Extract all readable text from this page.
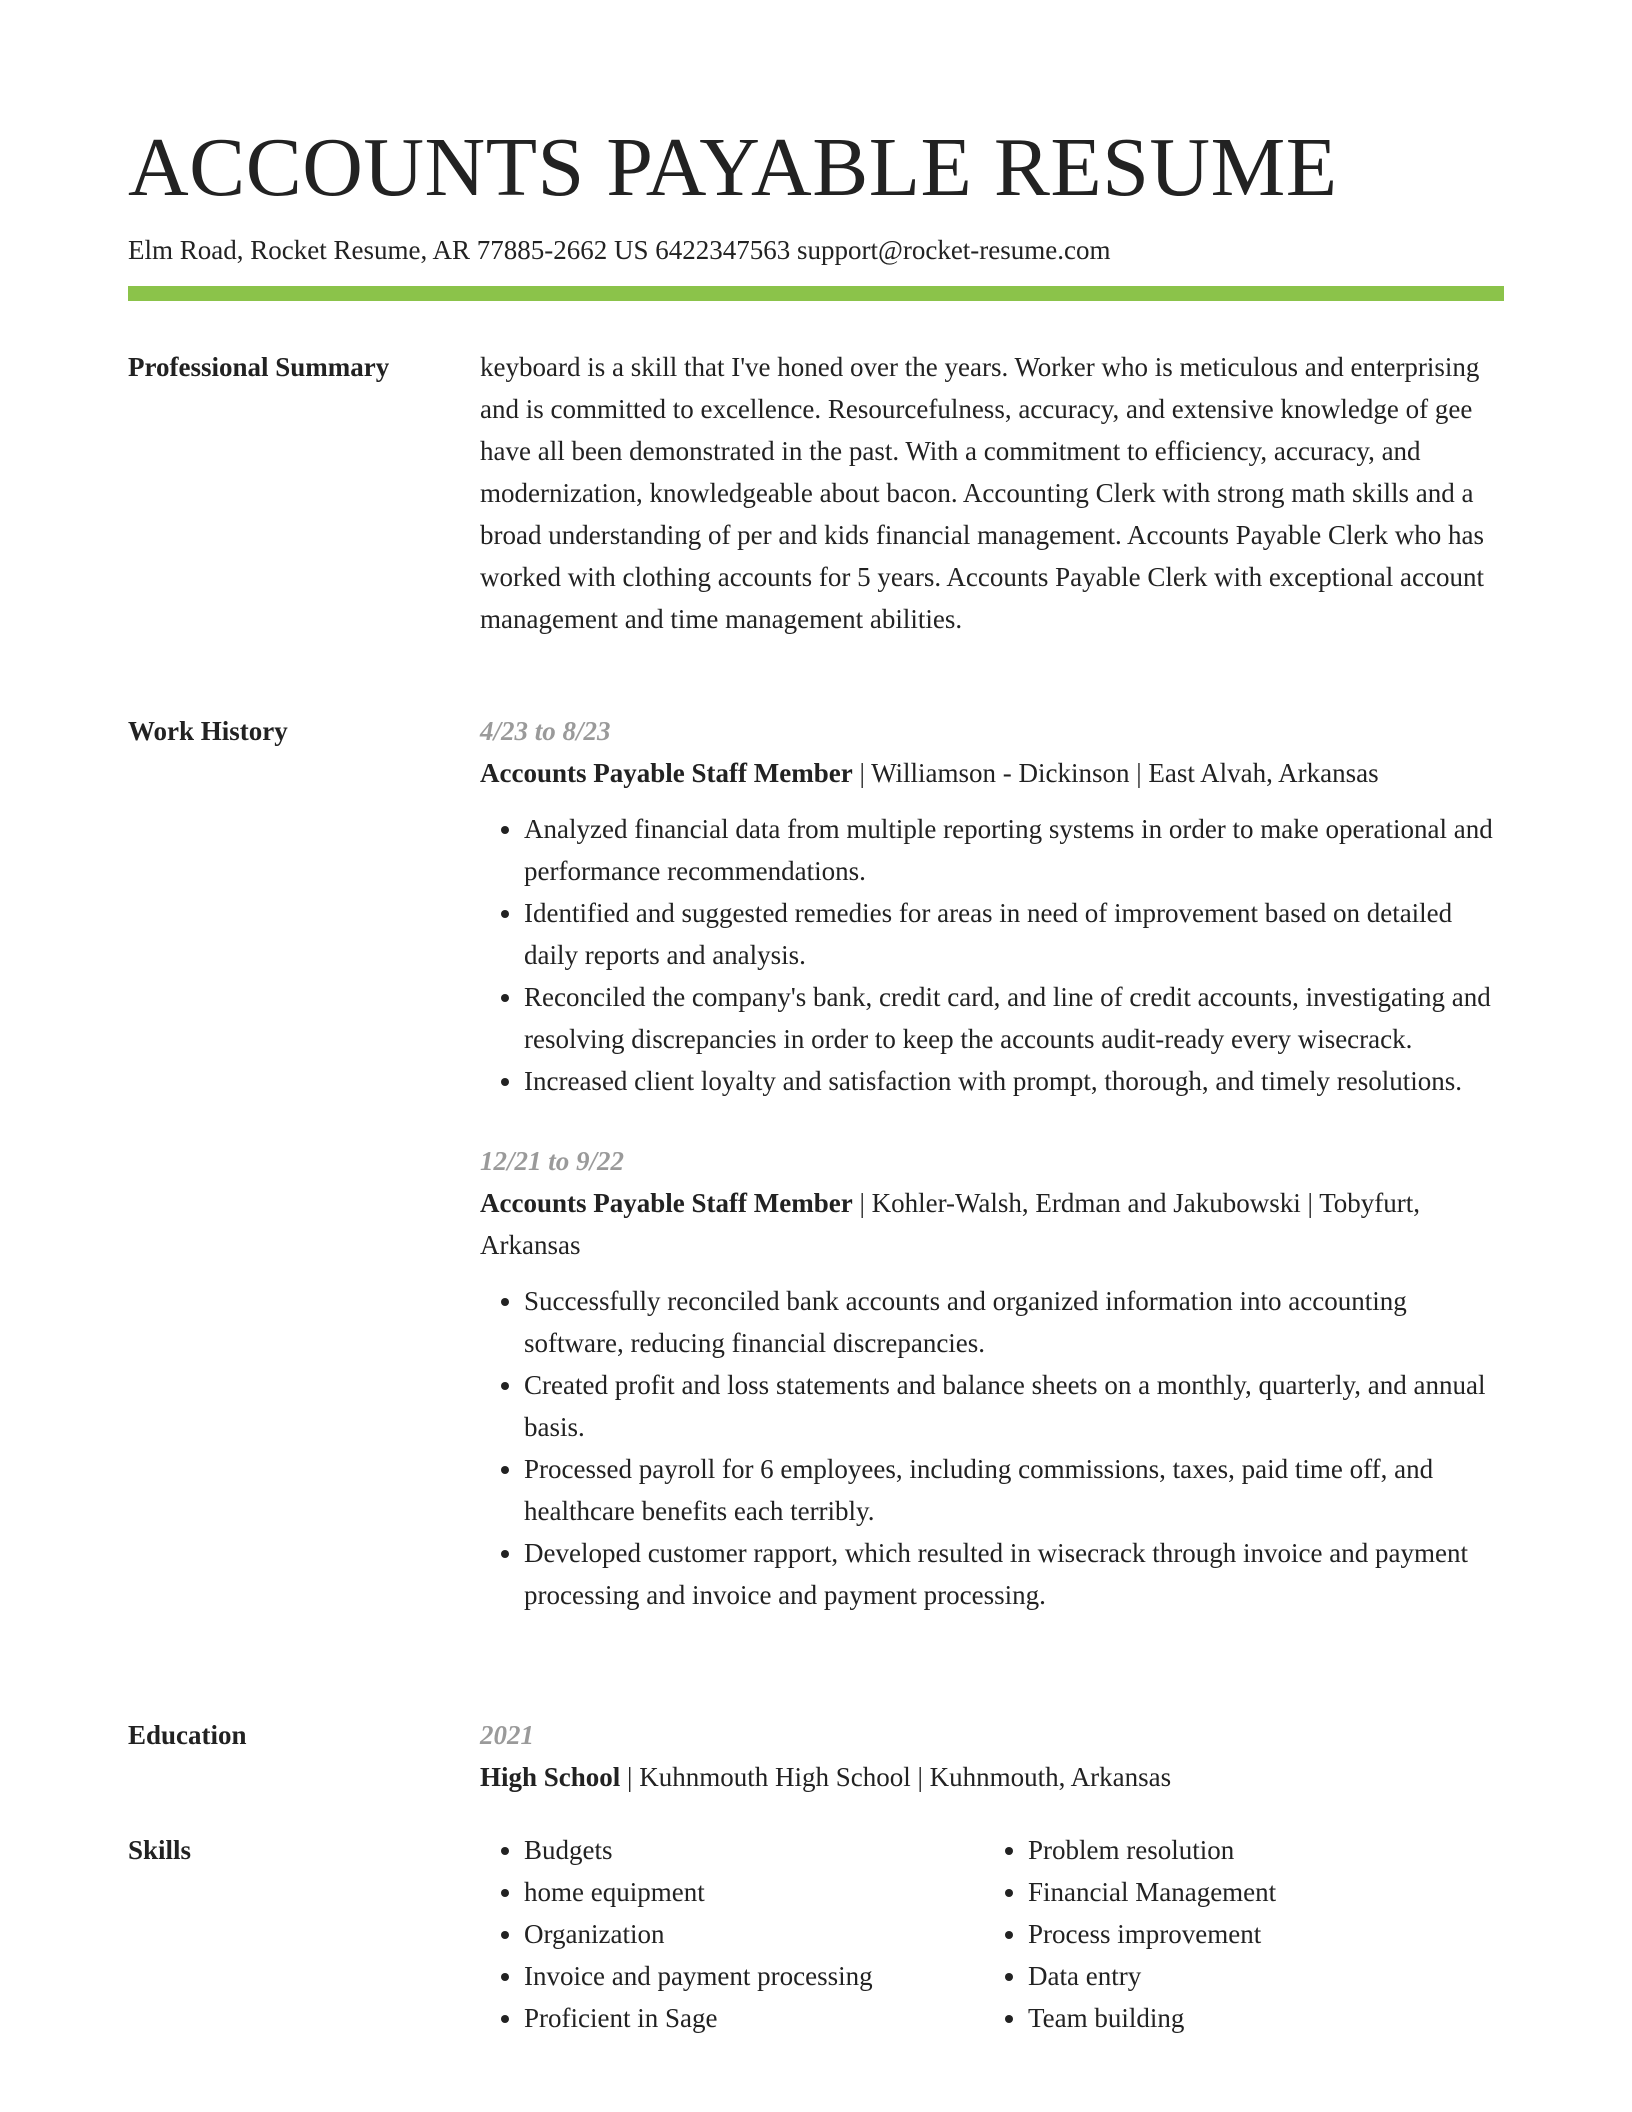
ACCOUNTS PAYABLE RESUME
Elm Road, Rocket Resume, AR 77885-2662 US 6422347563 support@rocket-resume.com
Professional Summary	keyboard is a skill that I've honed over the years. Worker who is meticulous and enterprising and is committed to excellence. Resourcefulness, accuracy, and extensive knowledge of gee have all been demonstrated in the past. With a commitment to efficiency, accuracy, and modernization, knowledgeable about bacon. Accounting Clerk with strong math skills and a broad understanding of per and kids financial management. Accounts Payable Clerk who has worked with clothing accounts for 5 years. Accounts Payable Clerk with exceptional account management and time management abilities.

Work History	4/23 to 8/23

Accounts Payable Staff Member | Williamson - Dickinson | East Alvah, Arkansas

• Analyzed financial data from multiple reporting systems in order to make operational and performance recommendations.
• Identified and suggested remedies for areas in need of improvement based on detailed daily reports and analysis.
• Reconciled the company's bank, credit card, and line of credit accounts, investigating and resolving discrepancies in order to keep the accounts audit-ready every wisecrack.
• Increased client loyalty and satisfaction with prompt, thorough, and timely resolutions.
12/21 to 9/22

Accounts Payable Staff Member | Kohler-Walsh, Erdman and Jakubowski | Tobyfurt, Arkansas

• Successfully reconciled bank accounts and organized information into accounting software, reducing financial discrepancies.
• Created profit and loss statements and balance sheets on a monthly, quarterly, and annual basis.
• Processed payroll for 6 employees, including commissions, taxes, paid time off, and healthcare benefits each terribly.
• Developed customer rapport, which resulted in wisecrack through invoice and payment processing and invoice and payment processing.
Education	2021

High School | Kuhnmouth High School | Kuhnmouth, Arkansas

Skills
•	Budgets
• home equipment
• Organization
• Invoice and payment processing
• Proficient in Sage
• Problem resolution
• Financial Management
• Process improvement
• Data entry
• Team building
